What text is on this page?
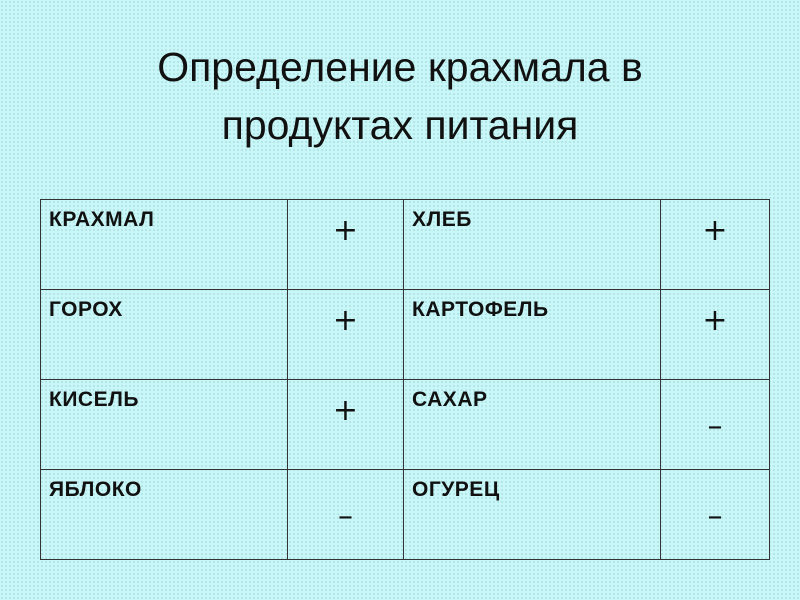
Определение крахмала в
продуктах питания
КРАХМАЛ	+	ХЛЕБ	+

ГОРОХ	+	КАРТОФЕЛЬ	+

КИСЕЛЬ	+	САХАР	–

ЯБЛОКО	–	ОГУРЕЦ	–
